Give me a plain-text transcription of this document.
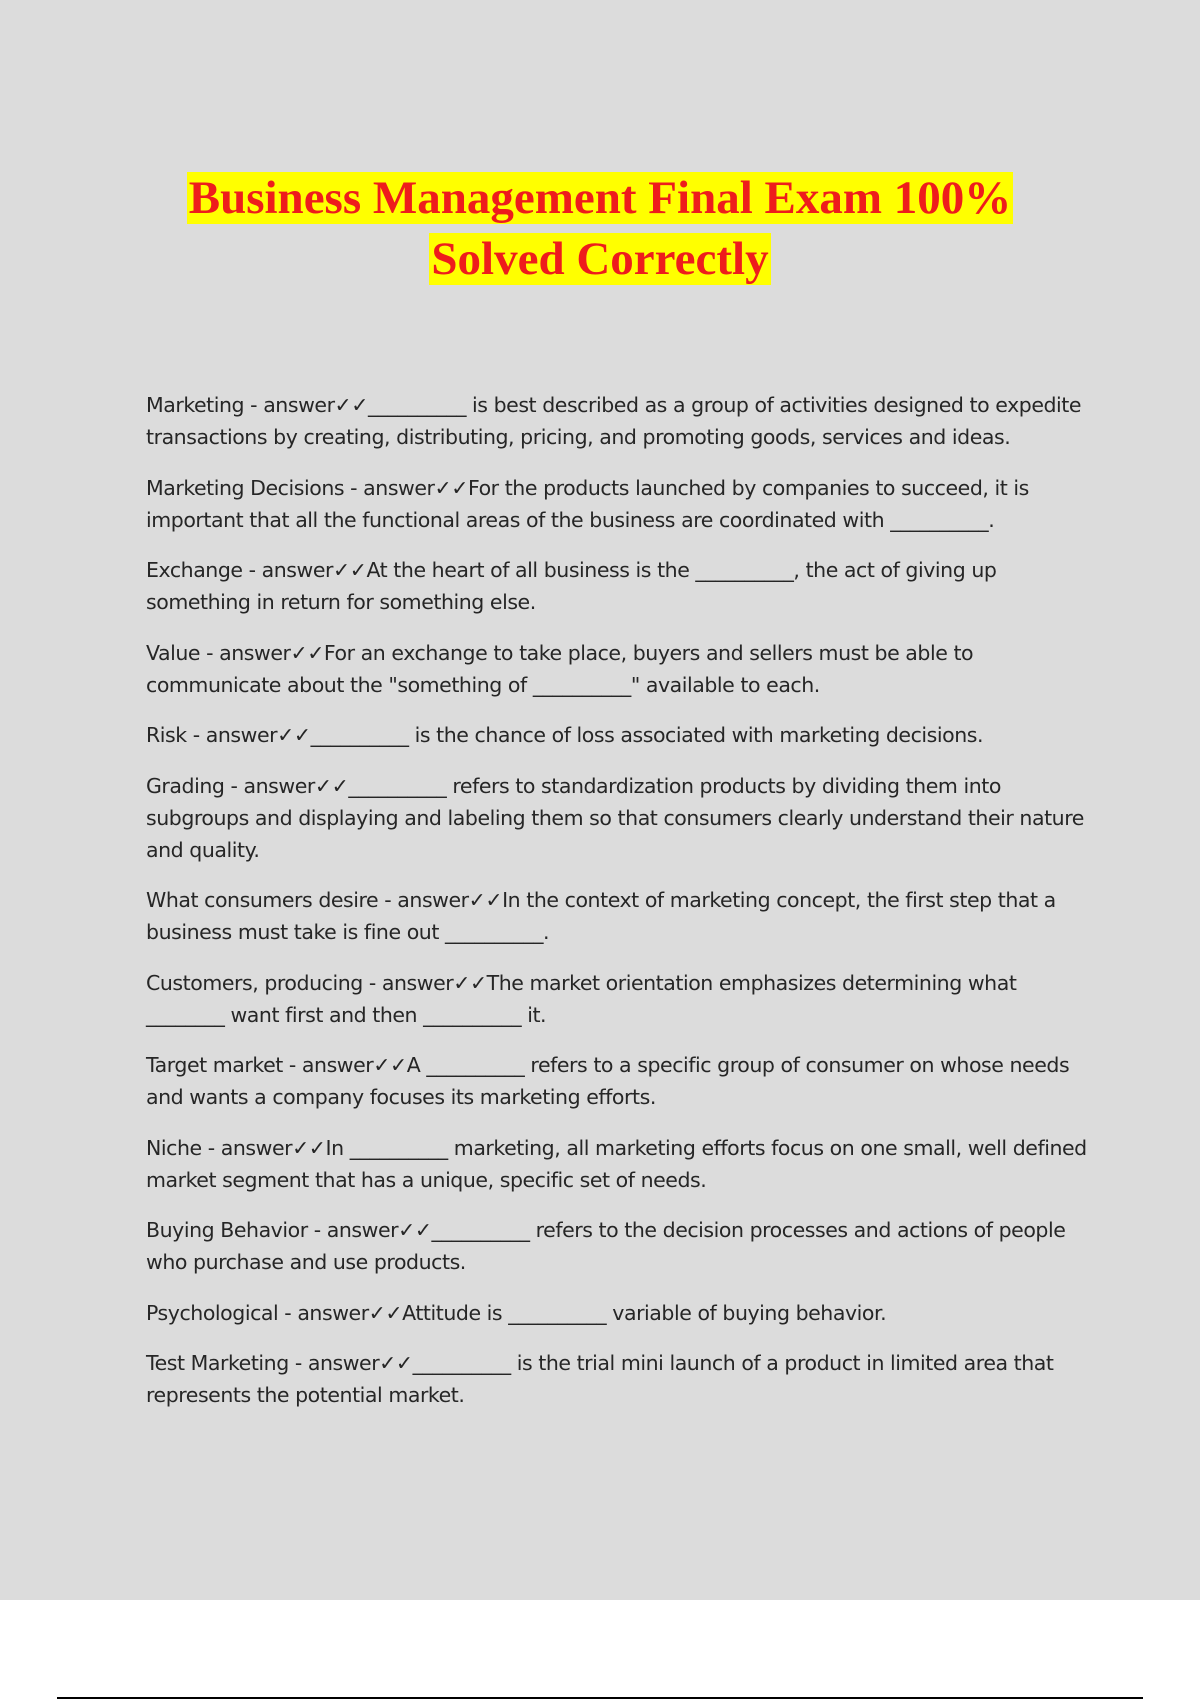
Business Management Final Exam 100%

Solved Correctly

Marketing - answer✓✓__________ is best described as a group of activities designed to expedite transactions by creating, distributing, pricing, and promoting goods, services and ideas.

Marketing Decisions - answer✓✓For the products launched by companies to succeed, it is important that all the functional areas of the business are coordinated with __________.

Exchange - answer✓✓At the heart of all business is the __________, the act of giving up something in return for something else.

Value - answer✓✓For an exchange to take place, buyers and sellers must be able to communicate about the "something of __________" available to each.

Risk - answer✓✓__________ is the chance of loss associated with marketing decisions.

Grading - answer✓✓__________ refers to standardization products by dividing them into subgroups and displaying and labeling them so that consumers clearly understand their nature and quality.

What consumers desire - answer✓✓In the context of marketing concept, the first step that a business must take is fine out __________.

Customers, producing - answer✓✓The market orientation emphasizes determining what ________ want first and then __________ it.

Target market - answer✓✓A __________ refers to a specific group of consumer on whose needs and wants a company focuses its marketing efforts.

Niche - answer✓✓In __________ marketing, all marketing efforts focus on one small, well defined market segment that has a unique, specific set of needs.

Buying Behavior - answer✓✓__________ refers to the decision processes and actions of people who purchase and use products.

Psychological - answer✓✓Attitude is __________ variable of buying behavior.

Test Marketing - answer✓✓__________ is the trial mini launch of a product in limited area that represents the potential market.
